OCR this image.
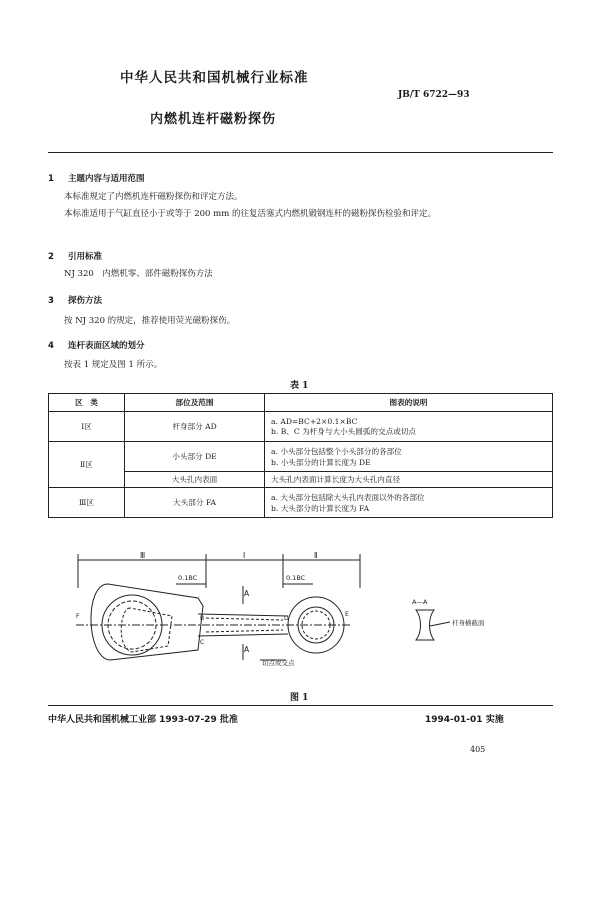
中华人民共和国机械行业标准
JB/T 6722—93
内燃机连杆磁粉探伤
1 主题内容与适用范围
本标准规定了内燃机连杆磁粉探伤和评定方法。
本标准适用于气缸直径小于或等于 200 mm 的往复活塞式内燃机锻钢连杆的磁粉探伤检验和评定。
2 引用标准
NJ 320　内燃机零、部件磁粉探伤方法
3 探伤方法
按 NJ 320 的规定，推荐使用荧光磁粉探伤。
4 连杆表面区域的划分
按表 1 规定及图 1 所示。
表 1
区　类	部位及范围	图表的说明
Ⅰ区	杆身部分 AD	a. AD=BC+2×0.1×BC
b. B、C 为杆身与大小头圆弧的交点或切点

Ⅱ区	小头部分 DE	a. 小头部分包括整个小头部分的各部位
b. 小头部分的计算长度为 DE

	大头孔内表面	大头孔内表面计算长度为大头孔内直径
Ⅲ区	大头部分 FA	a. 大头部分包括除大头孔内表面以外的各部位
b. 大头部分的计算长度为 FA
Ⅲ	Ⅰ	Ⅱ
0.1BC	0.1BC
A
A
B
C
D
E
F
切点或交点
A—A
杆身横截面
图 1
中华人民共和国机械工业部 1993-07-29 批准	1994-01-01 实施
405
